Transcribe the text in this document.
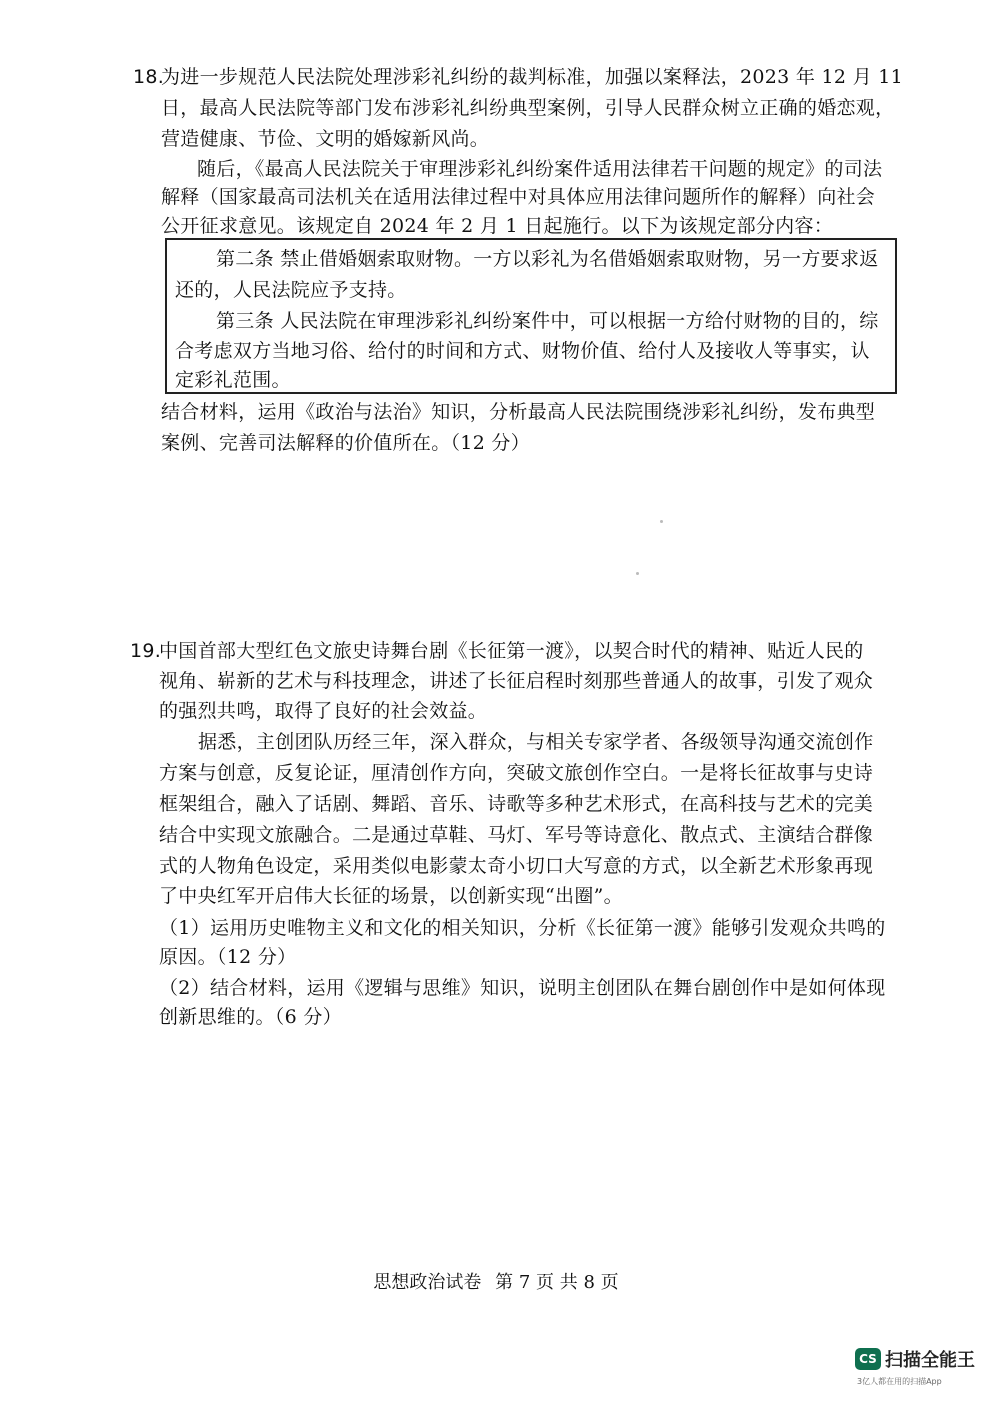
18.
为进一步规范人民法院处理涉彩礼纠纷的裁判标准，加强以案释法，2023 年 12 月 11
日，最高人民法院等部门发布涉彩礼纠纷典型案例，引导人民群众树立正确的婚恋观，
营造健康、节俭、文明的婚嫁新风尚。
随后，《最高人民法院关于审理涉彩礼纠纷案件适用法律若干问题的规定》的司法
解释（国家最高司法机关在适用法律过程中对具体应用法律问题所作的解释）向社会
公开征求意见。该规定自 2024 年 2 月 1 日起施行。以下为该规定部分内容：
第二条 禁止借婚姻索取财物。一方以彩礼为名借婚姻索取财物，另一方要求返
还的，人民法院应予支持。
第三条 人民法院在审理涉彩礼纠纷案件中，可以根据一方给付财物的目的，综
合考虑双方当地习俗、给付的时间和方式、财物价值、给付人及接收人等事实，认
定彩礼范围。
结合材料，运用《政治与法治》知识，分析最高人民法院围绕涉彩礼纠纷，发布典型
案例、完善司法解释的价值所在。（12 分）
19.
中国首部大型红色文旅史诗舞台剧《长征第一渡》，以契合时代的精神、贴近人民的
视角、崭新的艺术与科技理念，讲述了长征启程时刻那些普通人的故事，引发了观众
的强烈共鸣，取得了良好的社会效益。
据悉，主创团队历经三年，深入群众，与相关专家学者、各级领导沟通交流创作
方案与创意，反复论证，厘清创作方向，突破文旅创作空白。一是将长征故事与史诗
框架组合，融入了话剧、舞蹈、音乐、诗歌等多种艺术形式，在高科技与艺术的完美
结合中实现文旅融合。二是通过草鞋、马灯、军号等诗意化、散点式、主演结合群像
式的人物角色设定，采用类似电影蒙太奇小切口大写意的方式，以全新艺术形象再现
了中央红军开启伟大长征的场景，以创新实现“出圈”。
（1）运用历史唯物主义和文化的相关知识，分析《长征第一渡》能够引发观众共鸣的
原因。（12 分）
（2）结合材料，运用《逻辑与思维》知识，说明主创团队在舞台剧创作中是如何体现
创新思维的。（6 分）
思想政治试卷 第 7 页 共 8 页
CS 扫描全能王
3亿人都在用的扫描App
